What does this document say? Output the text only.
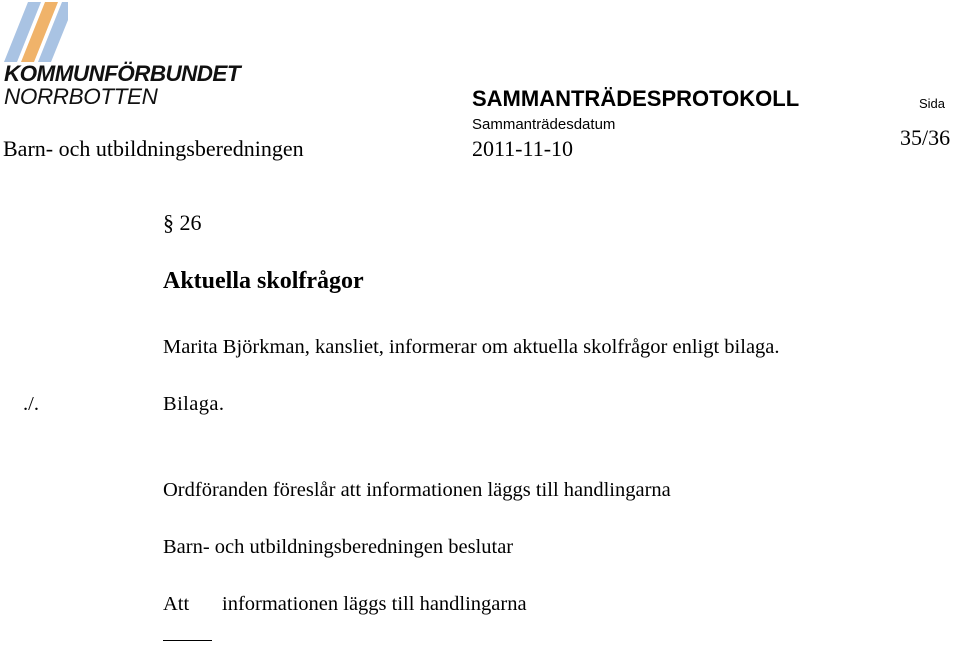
KOMMUNFÖRBUNDET
NORRBOTTEN
Barn- och utbildningsberedningen
SAMMANTRÄDESPROTOKOLL
Sammanträdesdatum
2011-11-10
Sida
35/36
§ 26
Aktuella skolfrågor
Marita Björkman, kansliet, informerar om aktuella skolfrågor enligt bilaga.
./.	Bilaga.
Ordföranden föreslår att informationen läggs till handlingarna
Barn- och utbildningsberedningen beslutar
Att informationen läggs till handlingarna
